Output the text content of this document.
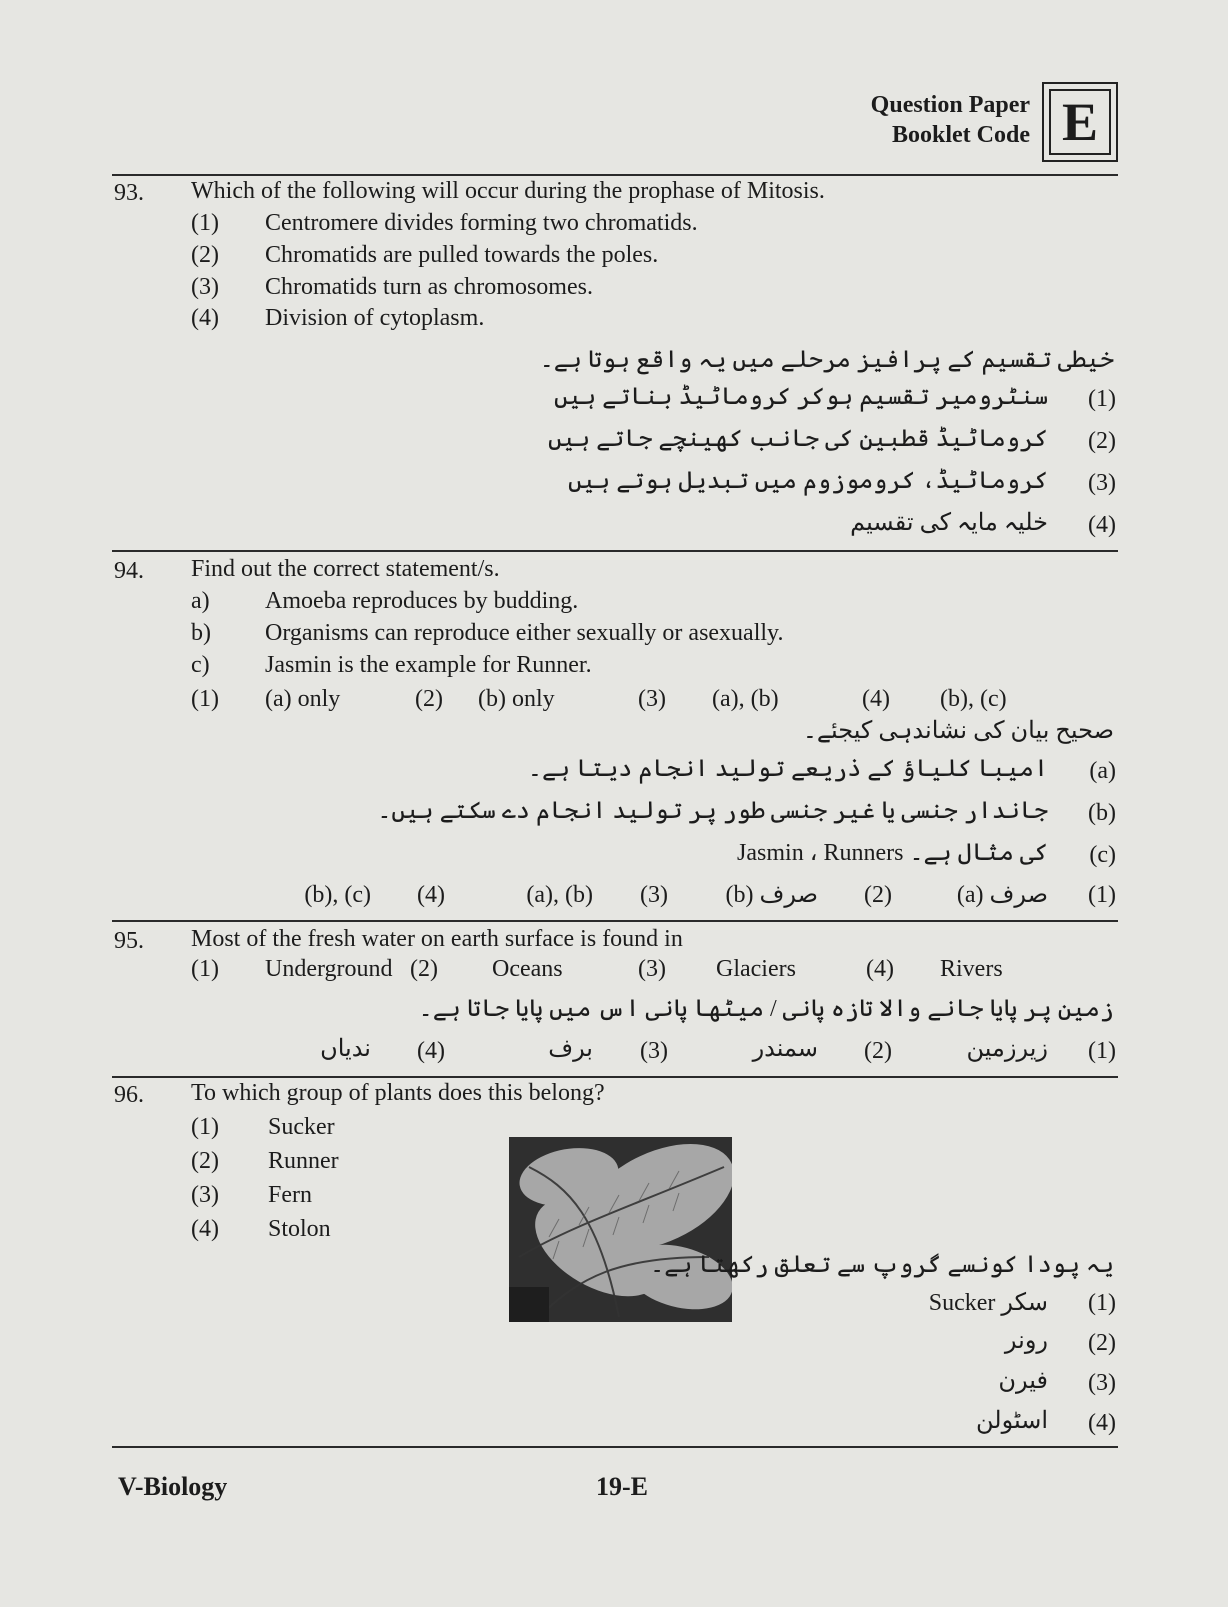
Question Paper
Booklet Code E
93. Which of the following will occur during the prophase of Mitosis.
(1) Centromere divides forming two chromatids.
(2) Chromatids are pulled towards the poles.
(3) Chromatids turn as chromosomes.
(4) Division of cytoplasm.
خیطی تقسیم کے پرافیز مرحلے میں یہ واقع ہوتا ہے۔
(1)
سنٹرومیر تقسیم ہوکر کروماٹیڈ بناتے ہیں
(2)
کروماٹیڈ قطبین کی جانب کھینچے جاتے ہیں
(3)
کروماٹیڈ، کروموزوم میں تبدیل ہوتے ہیں
(4)
خلیہ مایہ کی تقسیم
94. Find out the correct statement/s.
a) Amoeba reproduces by budding.
b) Organisms can reproduce either sexually or asexually.
c) Jasmin is the example for Runner.
(1) (a) only	(2) (b) only	(3) (a), (b)	(4) (b), (c)
صحیح بیان کی نشاندہی کیجئے۔
(a)
امیبا کلیاؤ کے ذریعے تولید انجام دیتا ہے۔
(b)
جاندار جنسی یا غیر جنسی طور پر تولید انجام دے سکتے ہیں۔
(c)
Jasmin ، Runners کی مثال ہے۔
(1)
صرف (a)
(2)
صرف (b)
(3)
(a), (b)
(4)
(b), (c)
95. Most of the fresh water on earth surface is found in
(1) Underground (2) Oceans	(3) Glaciers	(4) Rivers
زمین پر پایا جانے والا تازہ پانی / میٹھا پانی اس میں پایا جاتا ہے۔
(1)
زیرزمین
(2)
سمندر
(3)
برف
(4)
ندیاں
96. To which group of plants does this belong?
(1) Sucker
(2) Runner
(3) Fern
(4) Stolon
یہ پودا کونسے گروپ سے تعلق رکھتا ہے۔
(1)
سکر Sucker
(2)
رونر
(3)
فیرن
(4)
اسٹولن
V-Biology	19-E
